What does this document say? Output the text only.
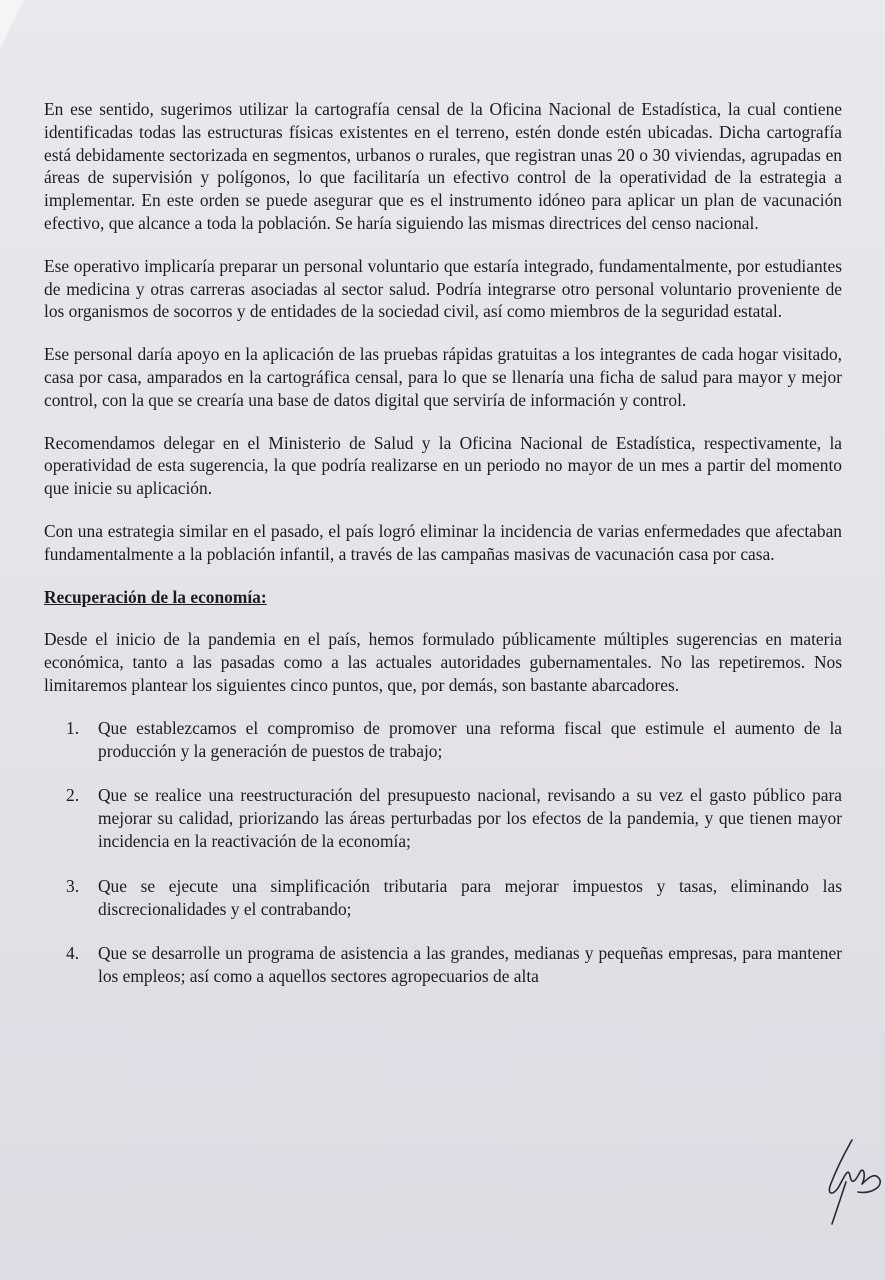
En ese sentido, sugerimos utilizar la cartografía censal de la Oficina Nacional de Estadística, la cual contiene identificadas todas las estructuras físicas existentes en el terreno, estén donde estén ubicadas. Dicha cartografía está debidamente sectorizada en segmentos, urbanos o rurales, que registran unas 20 o 30 viviendas, agrupadas en áreas de supervisión y polígonos, lo que facilitaría un efectivo control de la operatividad de la estrategia a implementar. En este orden se puede asegurar que es el instrumento idóneo para aplicar un plan de vacunación efectivo, que alcance a toda la población. Se haría siguiendo las mismas directrices del censo nacional.

Ese operativo implicaría preparar un personal voluntario que estaría integrado, fundamentalmente, por estudiantes de medicina y otras carreras asociadas al sector salud. Podría integrarse otro personal voluntario proveniente de los organismos de socorros y de entidades de la sociedad civil, así como miembros de la seguridad estatal.

Ese personal daría apoyo en la aplicación de las pruebas rápidas gratuitas a los integrantes de cada hogar visitado, casa por casa, amparados en la cartográfica censal, para lo que se llenaría una ficha de salud para mayor y mejor control, con la que se crearía una base de datos digital que serviría de información y control.

Recomendamos delegar en el Ministerio de Salud y la Oficina Nacional de Estadística, respectivamente, la operatividad de esta sugerencia, la que podría realizarse en un periodo no mayor de un mes a partir del momento que inicie su aplicación.

Con una estrategia similar en el pasado, el país logró eliminar la incidencia de varias enfermedades que afectaban fundamentalmente a la población infantil, a través de las campañas masivas de vacunación casa por casa.

Recuperación de la economía:

Desde el inicio de la pandemia en el país, hemos formulado públicamente múltiples sugerencias en materia económica, tanto a las pasadas como a las actuales autoridades gubernamentales. No las repetiremos. Nos limitaremos plantear los siguientes cinco puntos, que, por demás, son bastante abarcadores.

1. Que establezcamos el compromiso de promover una reforma fiscal que estimule el aumento de la producción y la generación de puestos de trabajo;
2. Que se realice una reestructuración del presupuesto nacional, revisando a su vez el gasto público para mejorar su calidad, priorizando las áreas perturbadas por los efectos de la pandemia, y que tienen mayor incidencia en la reactivación de la economía;
3. Que se ejecute una simplificación tributaria para mejorar impuestos y tasas, eliminando las discrecionalidades y el contrabando;
4. Que se desarrolle un programa de asistencia a las grandes, medianas y pequeñas empresas, para mantener los empleos; así como a aquellos sectores agropecuarios de alta
